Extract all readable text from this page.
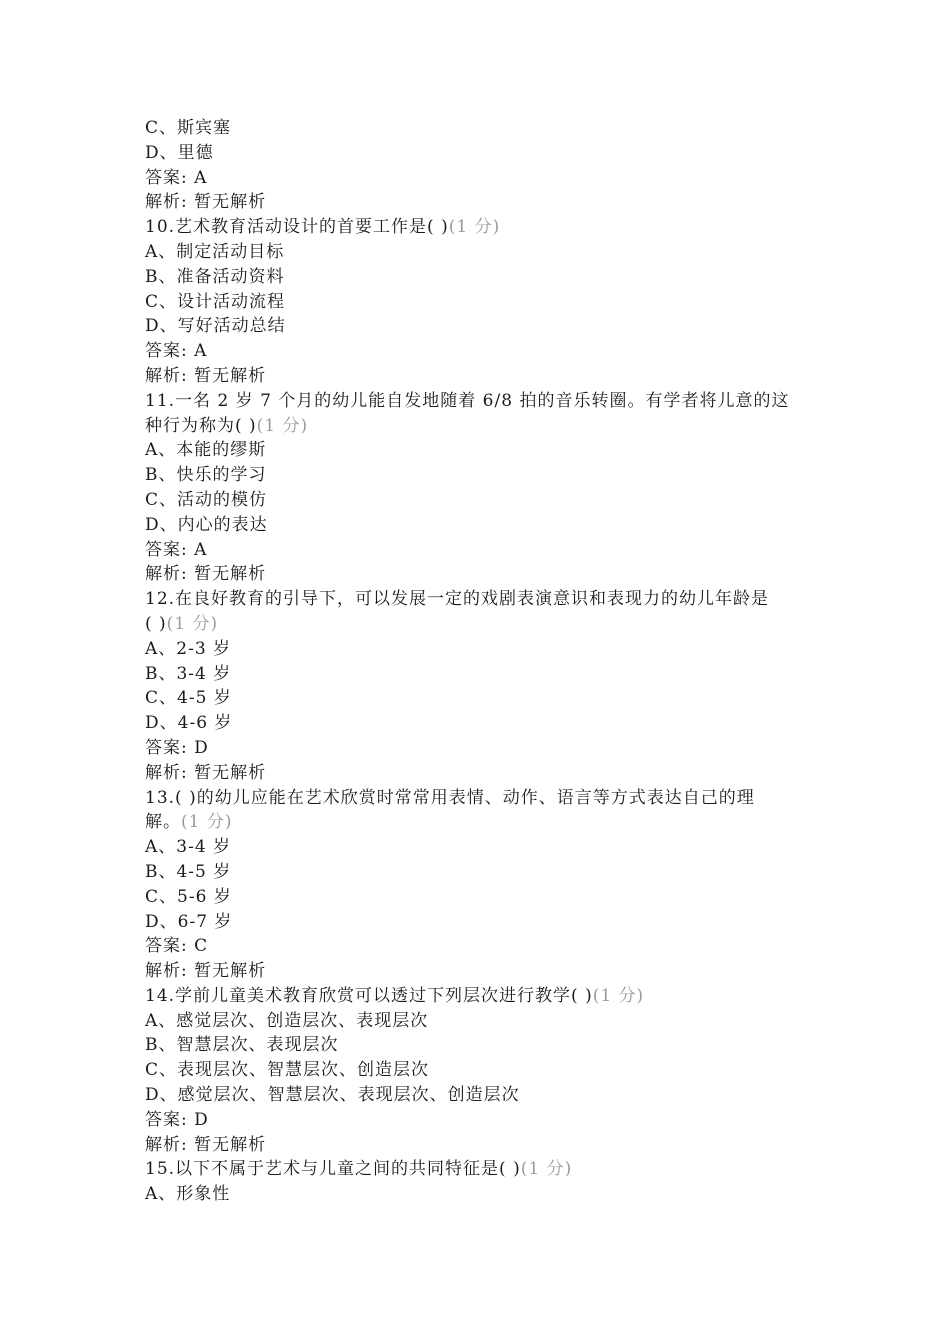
C、斯宾塞
D、里德
答案: A
解析: 暂无解析
10.艺术教育活动设计的首要工作是( )(1 分)
A、制定活动目标
B、准备活动资料
C、设计活动流程
D、写好活动总结
答案: A
解析: 暂无解析
11.一名 2 岁 7 个月的幼儿能自发地随着 6/8 拍的音乐转圈。有学者将儿意的这
种行为称为( )(1 分)
A、本能的缪斯
B、快乐的学习
C、活动的模仿
D、内心的表达
答案: A
解析: 暂无解析
12.在良好教育的引导下，可以发展一定的戏剧表演意识和表现力的幼儿年龄是
( )(1 分)
A、2-3 岁
B、3-4 岁
C、4-5 岁
D、4-6 岁
答案: D
解析: 暂无解析
13.( )的幼儿应能在艺术欣赏时常常用表情、动作、语言等方式表达自己的理
解。(1 分)
A、3-4 岁
B、4-5 岁
C、5-6 岁
D、6-7 岁
答案: C
解析: 暂无解析
14.学前儿童美术教育欣赏可以透过下列层次进行教学( )(1 分)
A、感觉层次、创造层次、表现层次
B、智慧层次、表现层次
C、表现层次、智慧层次、创造层次
D、感觉层次、智慧层次、表现层次、创造层次
答案: D
解析: 暂无解析
15.以下不属于艺术与儿童之间的共同特征是( )(1 分)
A、形象性
